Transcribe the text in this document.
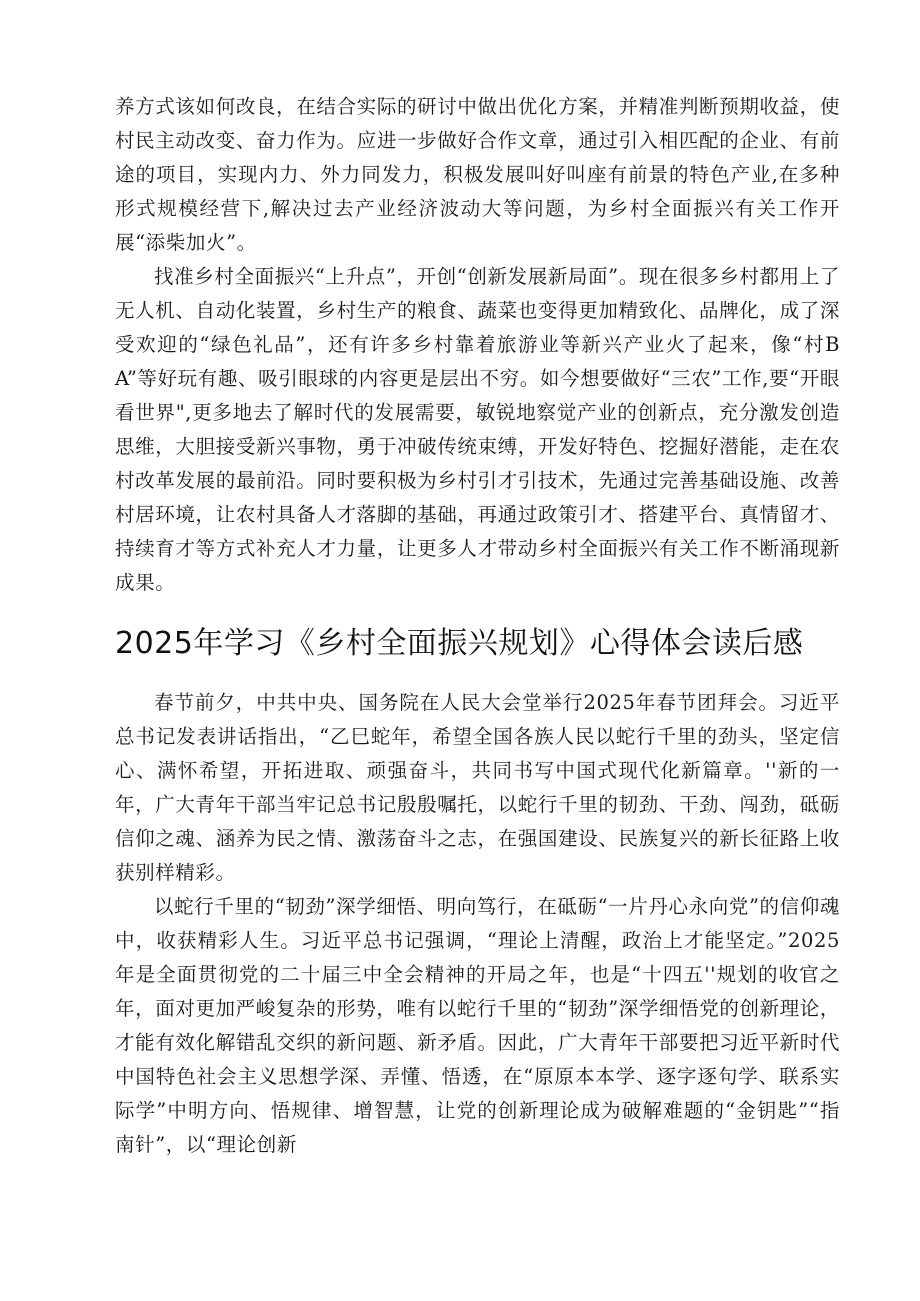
养方式该如何改良，在结合实际的研讨中做出优化方案，并精准判断预期收益，使村民主动改变、奋力作为。应进一步做好合作文章，通过引入相匹配的企业、有前途的项目，实现内力、外力同发力，积极发展叫好叫座有前景的特色产业,在多种形式规模经营下,解决过去产业经济波动大等问题，为乡村全面振兴有关工作开展“添柴加火”。

找准乡村全面振兴“上升点”，开创“创新发展新局面”。现在很多乡村都用上了无人机、自动化装置，乡村生产的粮食、蔬菜也变得更加精致化、品牌化，成了深受欢迎的“绿色礼品”，还有许多乡村靠着旅游业等新兴产业火了起来，像“村BA”等好玩有趣、吸引眼球的内容更是层出不穷。如今想要做好“三农”工作,要“开眼看世界",更多地去了解时代的发展需要，敏锐地察觉产业的创新点，充分激发创造思维，大胆接受新兴事物，勇于冲破传统束缚，开发好特色、挖掘好潜能，走在农村改革发展的最前沿。同时要积极为乡村引才引技术，先通过完善基础设施、改善村居环境，让农村具备人才落脚的基础，再通过政策引才、搭建平台、真情留才、持续育才等方式补充人才力量，让更多人才带动乡村全面振兴有关工作不断涌现新成果。

2025年学习《乡村全面振兴规划》心得体会读后感

春节前夕，中共中央、国务院在人民大会堂举行2025年春节团拜会。习近平总书记发表讲话指出，“乙巳蛇年，希望全国各族人民以蛇行千里的劲头，坚定信心、满怀希望，开拓进取、顽强奋斗，共同书写中国式现代化新篇章。''新的一年，广大青年干部当牢记总书记殷殷嘱托，以蛇行千里的韧劲、干劲、闯劲，砥砺信仰之魂、涵养为民之情、激荡奋斗之志，在强国建设、民族复兴的新长征路上收获别样精彩。

以蛇行千里的“韧劲”深学细悟、明向笃行，在砥砺“一片丹心永向党”的信仰魂中，收获精彩人生。习近平总书记强调，“理论上清醒，政治上才能坚定。”2025年是全面贯彻党的二十届三中全会精神的开局之年，也是“十四五''规划的收官之年，面对更加严峻复杂的形势，唯有以蛇行千里的“韧劲”深学细悟党的创新理论，才能有效化解错乱交织的新问题、新矛盾。因此，广大青年干部要把习近平新时代中国特色社会主义思想学深、弄懂、悟透，在“原原本本学、逐字逐句学、联系实际学”中明方向、悟规律、增智慧，让党的创新理论成为破解难题的“金钥匙”“指南针”，以“理论创新
